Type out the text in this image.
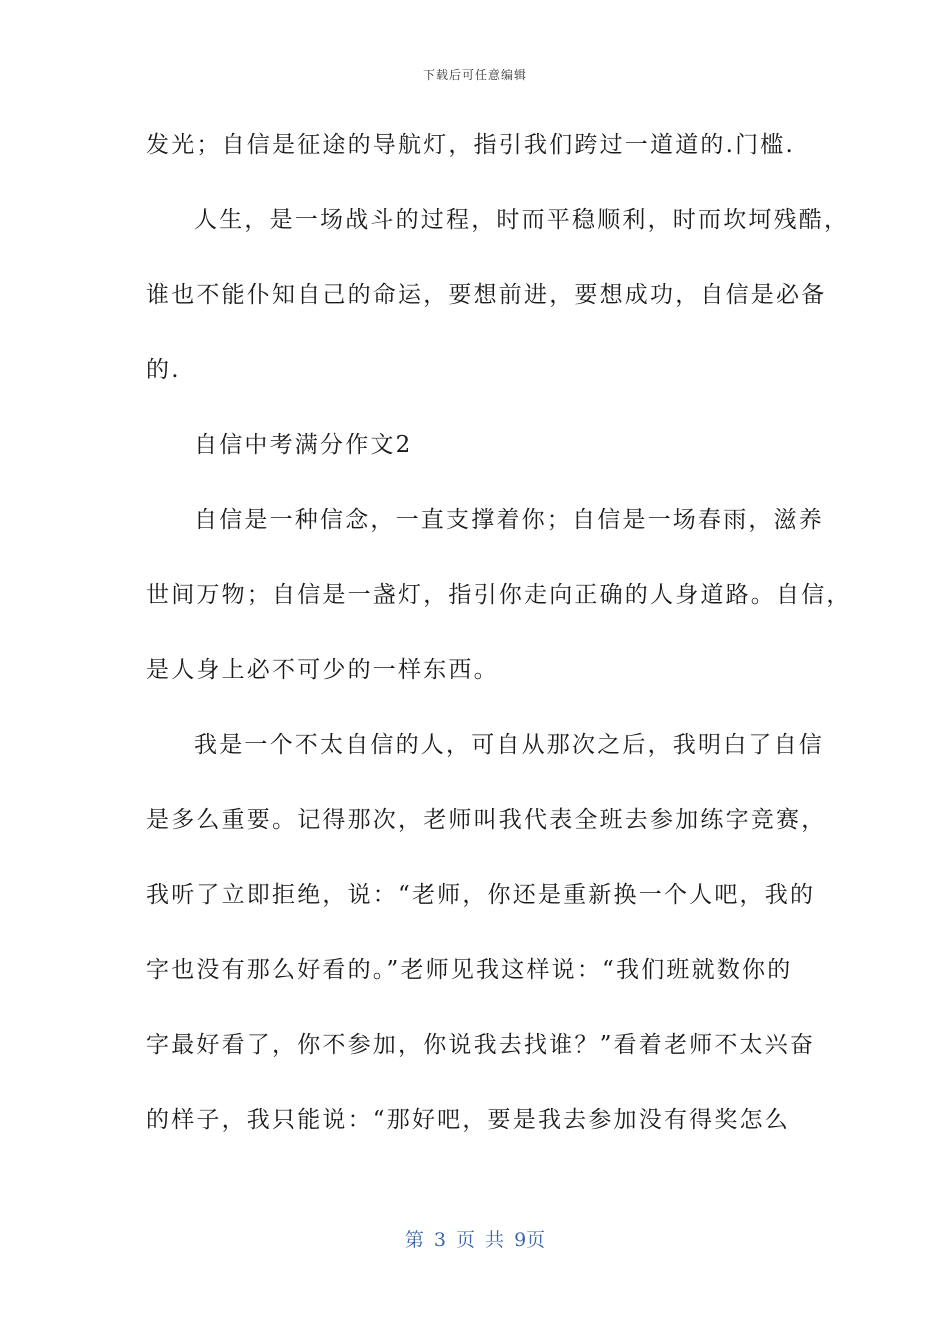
下载后可任意编辑
发光；自信是征途的导航灯，指引我们跨过一道道的.门槛.
人生，是一场战斗的过程，时而平稳顺利，时而坎坷残酷，
谁也不能仆知自己的命运，要想前进，要想成功，自信是必备
的.
自信中考满分作文2
自信是一种信念，一直支撑着你；自信是一场春雨，滋养
世间万物；自信是一盏灯，指引你走向正确的人身道路。自信，
是人身上必不可少的一样东西。
我是一个不太自信的人，可自从那次之后，我明白了自信
是多么重要。记得那次，老师叫我代表全班去参加练字竞赛，
我听了立即拒绝，说：“老师，你还是重新换一个人吧，我的
字也没有那么好看的。”老师见我这样说：“我们班就数你的
字最好看了，你不参加，你说我去找谁？”看着老师不太兴奋
的样子，我只能说：“那好吧，要是我去参加没有得奖怎么
第 3 页 共 9页
